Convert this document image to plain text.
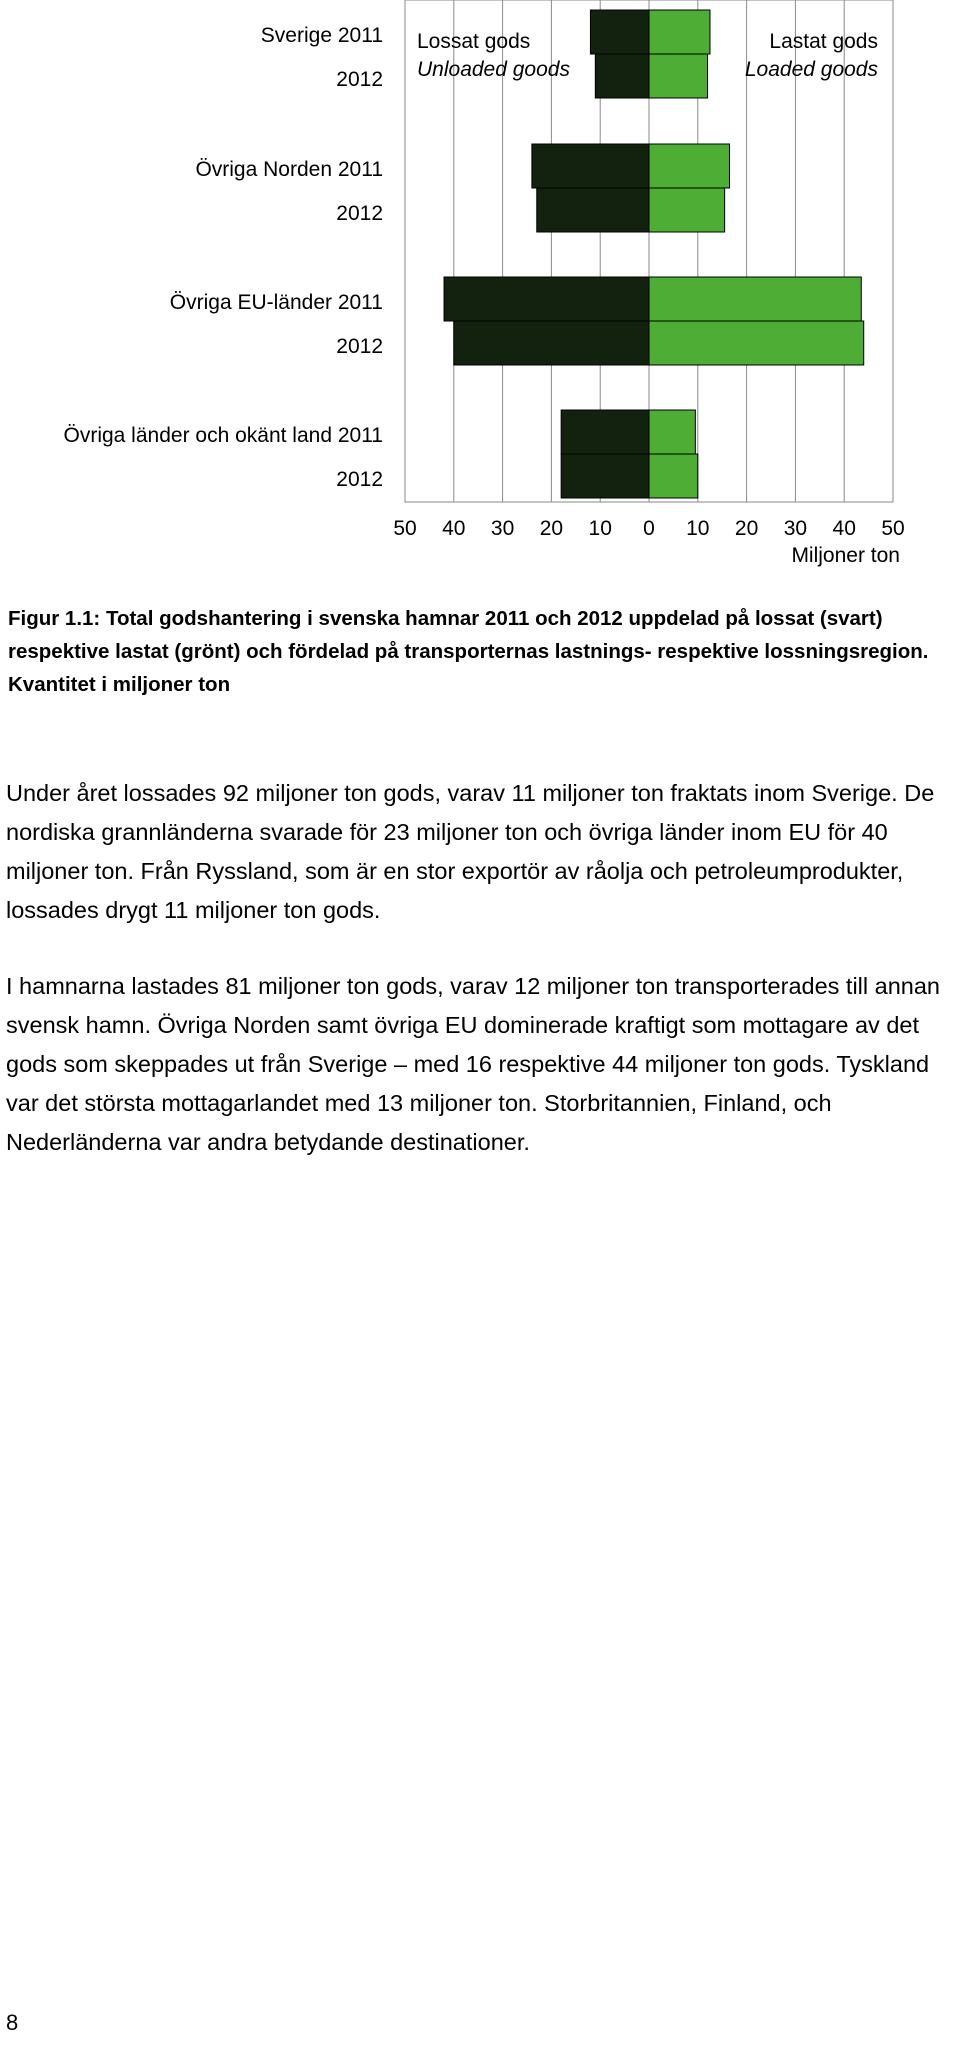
Sverige 2011
2012
Övriga Norden 2011
2012
Övriga EU-länder 2011
2012
Övriga länder och okänt land 2011
2012
50 40 30 20 10 0 10 20 30 40 50
Lastat gods
Loaded goods
Lossat gods
Unloaded goods
Miljoner ton

Figur 1.1: Total godshantering i svenska hamnar 2011 och 2012 uppdelad på lossat (svart) respektive lastat (grönt) och fördelad på transporternas lastnings- respektive lossningsregion. Kvantitet i miljoner ton

Under året lossades 92 miljoner ton gods, varav 11 miljoner ton fraktats inom Sverige. De nordiska grannländerna svarade för 23 miljoner ton och övriga länder inom EU för 40 miljoner ton. Från Ryssland, som är en stor exportör av råolja och petroleumprodukter, lossades drygt 11 miljoner ton gods.

I hamnarna lastades 81 miljoner ton gods, varav 12 miljoner ton transporterades till annan svensk hamn. Övriga Norden samt övriga EU dominerade kraftigt som mottagare av det gods som skeppades ut från Sverige – med 16 respektive 44 miljoner ton gods. Tyskland var det största mottagarlandet med 13 miljoner ton. Storbritannien, Finland, och Nederländerna var andra betydande destinationer.

8
